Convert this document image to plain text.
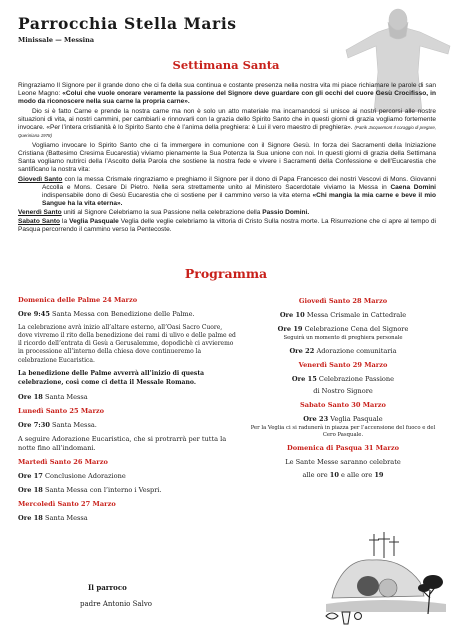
Parrocchia Stella Maris
Minissale — Messina
Settimana Santa

Ringraziamo Il Signore per il grande dono che ci fa della sua continua e costante presenza nella nostra vita mi piace richiamare le parole di san Leone Magno: «Colui che vuole onorare veramente la passione del Signore deve guardare con gli occhi del cuore Gesù Crocifisso, in modo da riconoscere nella sua carne la propria carne».

Dio si è fatto Carne e prende la nostra carne ma non è solo un atto materiale ma incarnandosi si unisce ai nostri percorsi alle nostre situazioni di vita, ai nostri cammini, per cambiarli e rinnovarli con la grazia dello Spirito Santo che in questi giorni di grazia vogliamo fortemente invocare. «Per l’intera cristianità è lo Spirito Santo che è l’anima della preghiera: è Lui il vero maestro di preghiera». (Patrik Jacquemont Il coraggio di pregare, Queriniana 1978)

Vogliamo invocare lo Spirito Santo che ci fa immergere in comunione con il Signore Gesù. In forza dei Sacramenti della Iniziazione Cristiana (Battesimo Cresima Eucarestia) viviamo pienamente la Sua Potenza la Sua unione con noi. In questi giorni di grazia della Settimana Santa vogliamo nutrirci della l’Ascolto della Parola che sostiene la nostra fede e vivere i Sacramenti della Confessione e dell’Eucarestia che santificano la nostra vita:

Giovedì Santo con la messa Crismale ringraziamo e preghiamo il Signore per il dono di Papa Francesco dei nostri Vescovi di Mons. Giovanni Accolla e Mons. Cesare Di Pietro. Nella sera strettamente unito al Ministero Sacerdotale viviamo la Messa in Caena Domini indispensabile dono di Gesù Eucarestia che ci sostiene per il cammino verso la vita eterna «Chi mangia la mia carne e beve il mio Sangue ha la vita eterna».

Venerdì Santo uniti al Signore Celebriamo la sua Passione nella celebrazione della Passio Domini.

Sabato Santo la Veglia Pasquale Veglia delle veglie celebriamo la vittoria di Cristo Sulla nostra morte. La Risurrezione che ci apre al tempo di Pasqua percorrendo il cammino verso la Pentecoste.

Programma
Domenica delle Palme 24 Marzo
Ore 9:45 Santa Messa con Benedizione delle Palme.
La celebrazione avrà inizio all’altare esterno, all’Oasi Sacro Cuore, dove vivremo il rito della benedizione dei rami di ulivo e delle palme ed il ricordo dell’entrata di Gesù a Gerusalemme, dopodichè ci avvieremo in processione all’interno della chiesa dove continueremo la celebrazione Eucaristica.
La benedizione delle Palme avverrà all’inizio di questa celebrazione, così come ci detta il Messale Romano.
Ore 18 Santa Messa
Lunedì Santo 25 Marzo
Ore 7:30 Santa Messa.
A seguire Adorazione Eucaristica, che si protrarrà per tutta la notte fino all’indomani.
Martedì Santo 26 Marzo
Ore 17 Conclusione Adorazione
Ore 18 Santa Messa con l’interno i Vespri.
Mercoledì Santo 27 Marzo
Ore 18 Santa Messa
Giovedì Santo 28 Marzo
Ore 10 Messa Crismale in Cattedrale
Ore 19 Celebrazione Cena del Signore
Seguirà un momento di preghiera personale
Ore 22 Adorazione comunitaria
Venerdì Santo 29 Marzo
Ore 15 Celebrazione Passione
di Nostro Signore
Sabato Santo 30 Marzo
Ore 23 Veglia Pasquale
Per la Veglia ci si radunerà in piazza per l’accensione del fuoco e del Cero Pasquale.
Domenica di Pasqua 31 Marzo
Le Sante Messe saranno celebrate
alle ore 10 e alle ore 19
Il parroco
padre Antonio Salvo
